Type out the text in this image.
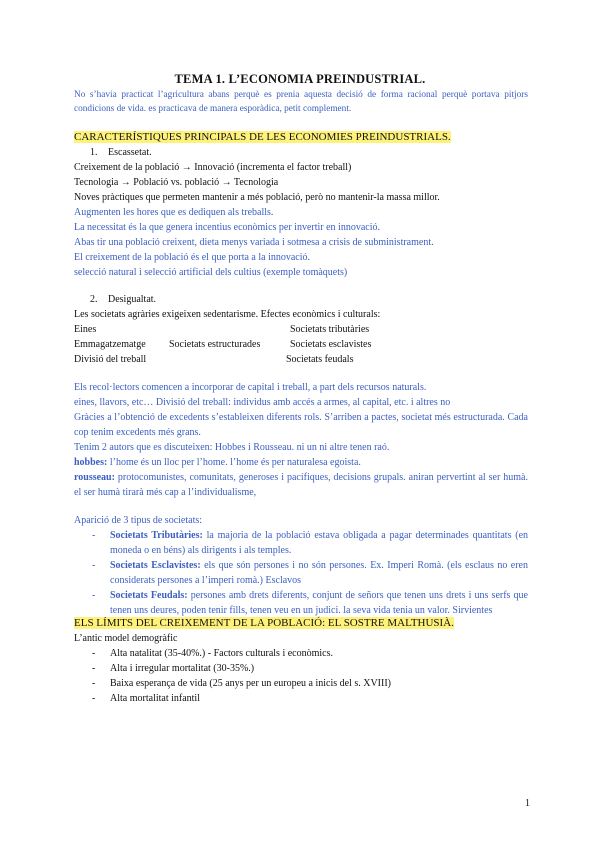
TEMA 1. L’ECONOMIA PREINDUSTRIAL.
No s’havia practicat l’agricultura abans perquè es prenia aquesta decisió de forma racional perquè portava pitjors condicions de vida. es practicava de manera esporàdica, petit complement.
CARACTERÍSTIQUES PRINCIPALS DE LES ECONOMIES PREINDUSTRIALS.
1. Escassetat.
Creixement de la població → Innovació (incrementa el factor treball)
Tecnologia → Població vs. població → Tecnologia
Noves pràctiques que permeten mantenir a més població, però no mantenir-la massa millor.
Augmenten les hores que es dediquen als treballs.
La necessitat és la que genera incentius econòmics per invertir en innovació.
Abas tir una població creixent, dieta menys variada i sotmesa a crisis de subministrament.
El creixement de la població és el que porta a la innovació.
selecció natural i selecció artificial dels cultius (exemple tomàquets)
2. Desigualtat.
Les societats agràries exigeixen sedentarisme. Efectes econòmics i culturals:
Eines	Societats tributàries
Emmagatzematge Societats estructurades	Societats esclavistes
Divisió del treball	Societats feudals
Els recol·lectors comencen a incorporar de capital i treball, a part dels recursos naturals.
eines, llavors, etc… Divisió del treball: individus amb accés a armes, al capital, etc. i altres no
Gràcies a l’obtenció de excedents s’estableixen diferents rols. S’arriben a pactes, societat més estructurada. Cada cop tenim excedents més grans.
Tenim 2 autors que es discuteixen: Hobbes i Rousseau. ni un ni altre tenen raó.
hobbes: l’home és un lloc per l’home. l’home és per naturalesa egoista.
rousseau: protocomunistes, comunitats, generoses i pacífiques, decisions grupals. aniran pervertint al ser humà. el ser humà tirarà més cap a l’individualisme,
Aparició de 3 tipus de societats:
- Societats Tributàries: la majoria de la població estava obligada a pagar determinades quantitats (en moneda o en béns) als dirigents i als temples.
- Societats Esclavistes: els que són persones i no són persones. Ex. Imperi Romà. (els esclaus no eren considerats persones a l’imperi romà.) Esclavos
- Societats Feudals: persones amb drets diferents, conjunt de señors que tenen uns drets i uns serfs que tenen uns deures, poden tenir fills, tenen veu en un judici. la seva vida tenia un valor. Sirvientes
ELS LÍMITS DEL CREIXEMENT DE LA POBLACIÓ: EL SOSTRE MALTHUSIÀ.
L’antic model demogràfic
- Alta natalitat (35-40%.) - Factors culturals i econòmics.
- Alta i irregular mortalitat (30-35%.)
- Baixa esperança de vida (25 anys per un europeu a inicis del s. XVIII)
- Alta mortalitat infantil
1
